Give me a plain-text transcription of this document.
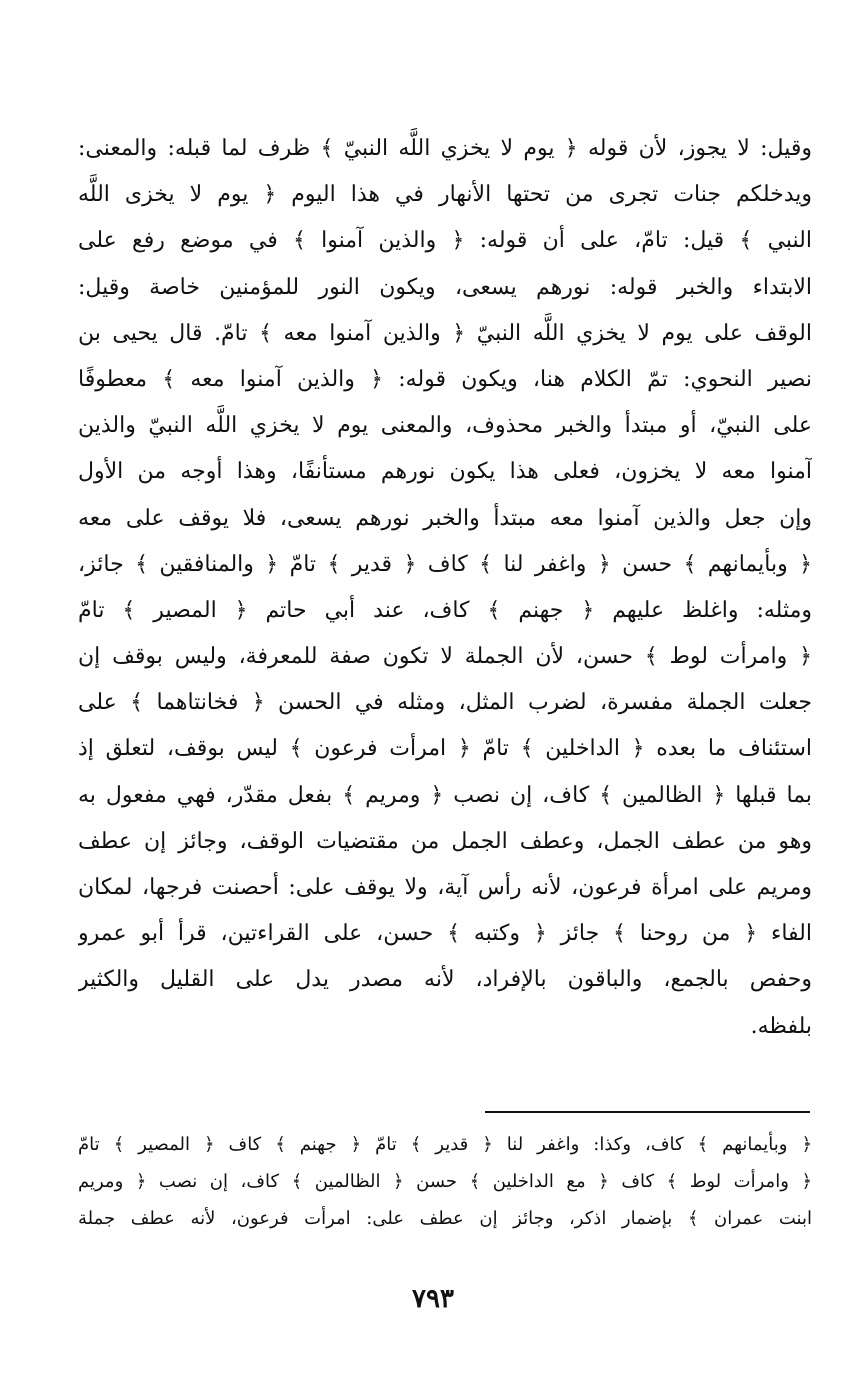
وقيل: لا يجوز، لأن قوله ﴿ يوم لا يخزي اللَّه النبيّ ﴾ ظرف لما قبله: والمعنى:
ويدخلكم جنات تجرى من تحتها الأنهار في هذا اليوم ﴿ يوم لا يخزى اللَّه
النبي ﴾ قيل: تامّ، على أن قوله: ﴿ والذين آمنوا ﴾ في موضع رفع على
الابتداء والخبر قوله: نورهم يسعى، ويكون النور للمؤمنين خاصة وقيل:
الوقف على يوم لا يخزي اللَّه النبيّ ﴿ والذين آمنوا معه ﴾ تامّ. قال يحيى بن
نصير النحوي: تمّ الكلام هنا، ويكون قوله: ﴿ والذين آمنوا معه ﴾ معطوفًا
على النبيّ، أو مبتدأ والخبر محذوف، والمعنى يوم لا يخزي اللَّه النبيّ والذين
آمنوا معه لا يخزون، فعلى هذا يكون نورهم مستأنفًا، وهذا أوجه من الأول
وإن جعل والذين آمنوا معه مبتدأ والخبر نورهم يسعى، فلا يوقف على معه
﴿ وبأيمانهم ﴾ حسن ﴿ واغفر لنا ﴾ كاف ﴿ قدير ﴾ تامّ ﴿ والمنافقين ﴾ جائز،
ومثله: واغلظ عليهم ﴿ جهنم ﴾ كاف، عند أبي حاتم ﴿ المصير ﴾ تامّ
﴿ وامرأت لوط ﴾ حسن، لأن الجملة لا تكون صفة للمعرفة، وليس بوقف إن
جعلت الجملة مفسرة، لضرب المثل، ومثله في الحسن ﴿ فخانتاهما ﴾ على
استئناف ما بعده ﴿ الداخلين ﴾ تامّ ﴿ امرأت فرعون ﴾ ليس بوقف، لتعلق إذ
بما قبلها ﴿ الظالمين ﴾ كاف، إن نصب ﴿ ومريم ﴾ بفعل مقدّر، فهي مفعول به
وهو من عطف الجمل، وعطف الجمل من مقتضيات الوقف، وجائز إن عطف
ومريم على امرأة فرعون، لأنه رأس آية، ولا يوقف على: أحصنت فرجها، لمكان
الفاء ﴿ من روحنا ﴾ جائز ﴿ وكتبه ﴾ حسن، على القراءتين، قرأ أبو عمرو
وحفص بالجمع، والباقون بالإفراد، لأنه مصدر يدل على القليل والكثير
بلفظه.
﴿ وبأيمانهم ﴾ كاف، وكذا: واغفر لنا ﴿ قدير ﴾ تامّ ﴿ جهنم ﴾ كاف ﴿ المصير ﴾ تامّ
﴿ وامرأت لوط ﴾ كاف ﴿ مع الداخلين ﴾ حسن ﴿ الظالمين ﴾ كاف، إن نصب ﴿ ومريم
ابنت عمران ﴾ بإضمار اذكر، وجائز إن عطف على: امرأت فرعون، لأنه عطف جملة
٧٩٣
